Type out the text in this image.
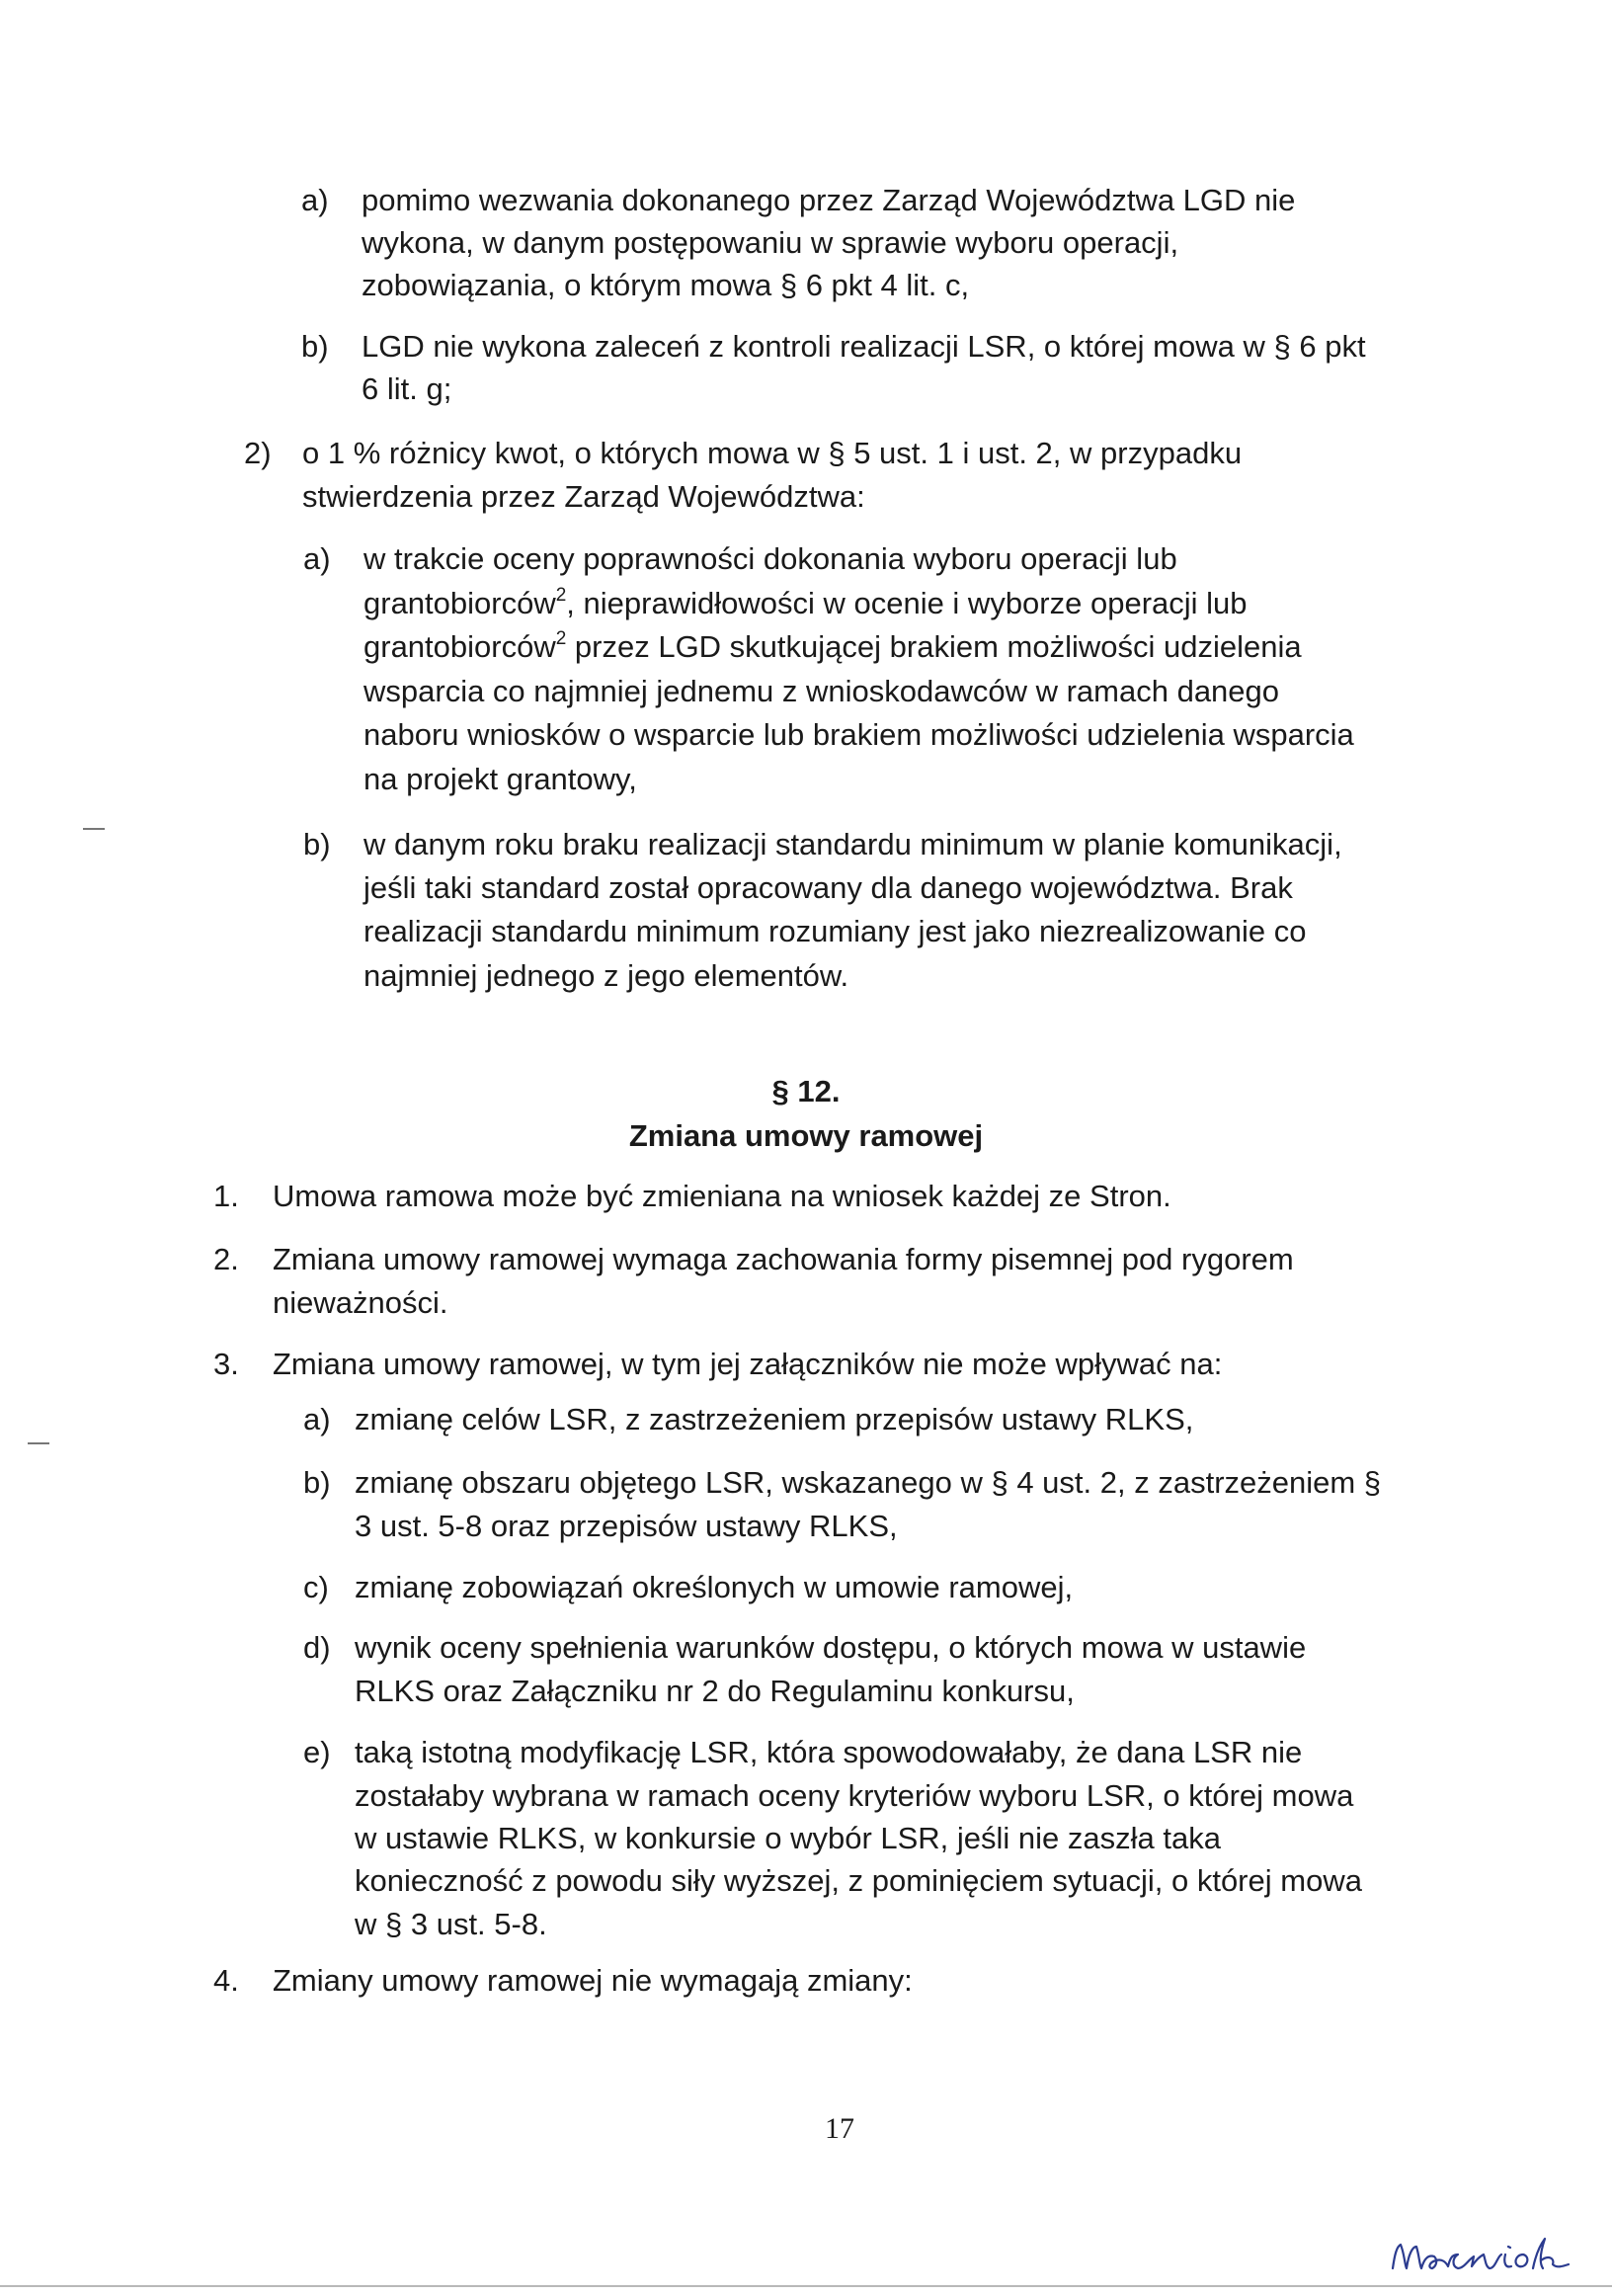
a) pomimo wezwania dokonanego przez Zarząd Województwa LGD nie

wykona, w danym postępowaniu w sprawie wyboru operacji,

zobowiązania, o którym mowa § 6 pkt 4 lit. c,

b) LGD nie wykona zaleceń z kontroli realizacji LSR, o której mowa w § 6 pkt

6 lit. g;

2) o 1 % różnicy kwot, o których mowa w § 5 ust. 1 i ust. 2, w przypadku

stwierdzenia przez Zarząd Województwa:

a) w trakcie oceny poprawności dokonania wyboru operacji lub

grantobiorców$^2$, nieprawidłowości w ocenie i wyborze operacji lub

grantobiorców$^2$ przez LGD skutkującej brakiem możliwości udzielenia

wsparcia co najmniej jednemu z wnioskodawców w ramach danego

naboru wniosków o wsparcie lub brakiem możliwości udzielenia wsparcia

na projekt grantowy,

b) w danym roku braku realizacji standardu minimum w planie komunikacji,

jeśli taki standard został opracowany dla danego województwa. Brak

realizacji standardu minimum rozumiany jest jako niezrealizowanie co

najmniej jednego z jego elementów.

§ 12.

Zmiana umowy ramowej

1. Umowa ramowa może być zmieniana na wniosek każdej ze Stron.

2. Zmiana umowy ramowej wymaga zachowania formy pisemnej pod rygorem

nieważności.

3. Zmiana umowy ramowej, w tym jej załączników nie może wpływać na:

a) zmianę celów LSR, z zastrzeżeniem przepisów ustawy RLKS,

b) zmianę obszaru objętego LSR, wskazanego w § 4 ust. 2, z zastrzeżeniem §

3 ust. 5-8 oraz przepisów ustawy RLKS,

c) zmianę zobowiązań określonych w umowie ramowej,

d) wynik oceny spełnienia warunków dostępu, o których mowa w ustawie

RLKS oraz Załączniku nr 2 do Regulaminu konkursu,

e) taką istotną modyfikację LSR, która spowodowałaby, że dana LSR nie

zostałaby wybrana w ramach oceny kryteriów wyboru LSR, o której mowa

w ustawie RLKS, w konkursie o wybór LSR, jeśli nie zaszła taka

konieczność z powodu siły wyższej, z pominięciem sytuacji, o której mowa

w § 3 ust. 5-8.

4. Zmiany umowy ramowej nie wymagają zmiany:

17
